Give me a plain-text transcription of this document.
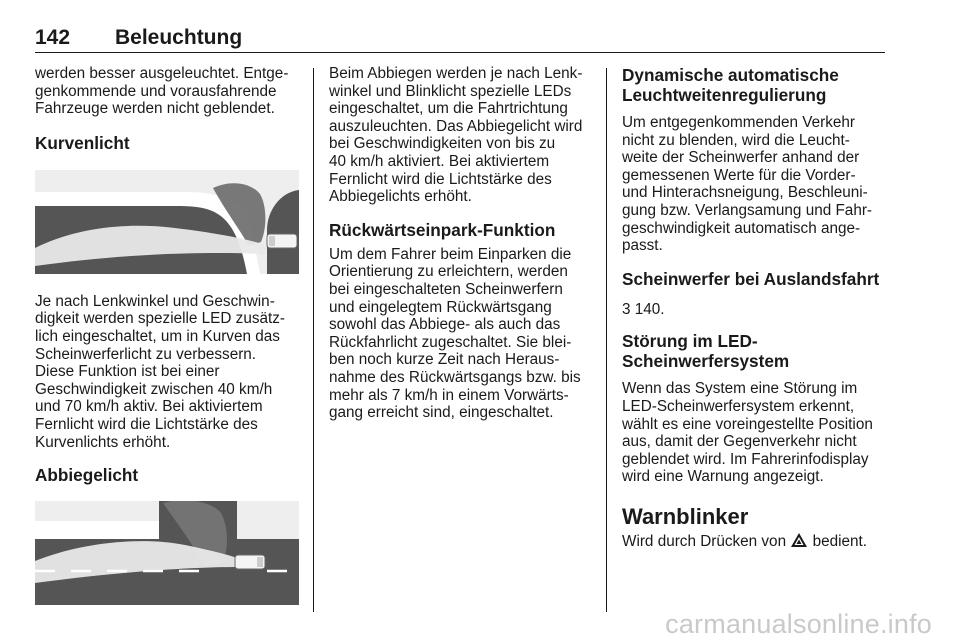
142 Beleuchtung

werden besser ausgeleuchtet. Entge-
genkommende und vorausfahrende
Fahrzeuge werden nicht geblendet.

Kurvenlicht

Je nach Lenkwinkel und Geschwin-
digkeit werden spezielle LED zusätz-
lich eingeschaltet, um in Kurven das
Scheinwerferlicht zu verbessern.
Diese Funktion ist bei einer
Geschwindigkeit zwischen 40 km/h
und 70 km/h aktiv. Bei aktiviertem
Fernlicht wird die Lichtstärke des
Kurvenlichts erhöht.

Abbiegelicht

Beim Abbiegen werden je nach Lenk-
winkel und Blinklicht spezielle LEDs
eingeschaltet, um die Fahrtrichtung
auszuleuchten. Das Abbiegelicht wird
bei Geschwindigkeiten von bis zu
40 km/h aktiviert. Bei aktiviertem
Fernlicht wird die Lichtstärke des
Abbiegelichts erhöht.

Rückwärtseinpark-Funktion

Um dem Fahrer beim Einparken die
Orientierung zu erleichtern, werden
bei eingeschalteten Scheinwerfern
und eingelegtem Rückwärtsgang
sowohl das Abbiege- als auch das
Rückfahrlicht zugeschaltet. Sie blei-
ben noch kurze Zeit nach Heraus-
nahme des Rückwärtsgangs bzw. bis
mehr als 7 km/h in einem Vorwärts-
gang erreicht sind, eingeschaltet.

Dynamische automatische
Leuchtweitenregulierung

Um entgegenkommenden Verkehr
nicht zu blenden, wird die Leucht-
weite der Scheinwerfer anhand der
gemessenen Werte für die Vorder-
und Hinterachsneigung, Beschleuni-
gung bzw. Verlangsamung und Fahr-
geschwindigkeit automatisch ange-
passt.

Scheinwerfer bei Auslandsfahrt

3 140.

Störung im LED-
Scheinwerfersystem

Wenn das System eine Störung im
LED-Scheinwerfersystem erkennt,
wählt es eine voreingestellte Position
aus, damit der Gegenverkehr nicht
geblendet wird. Im Fahrerinfodisplay
wird eine Warnung angezeigt.

Warnblinker

Wird durch Drücken von bedient.

carmanualsonline.info
